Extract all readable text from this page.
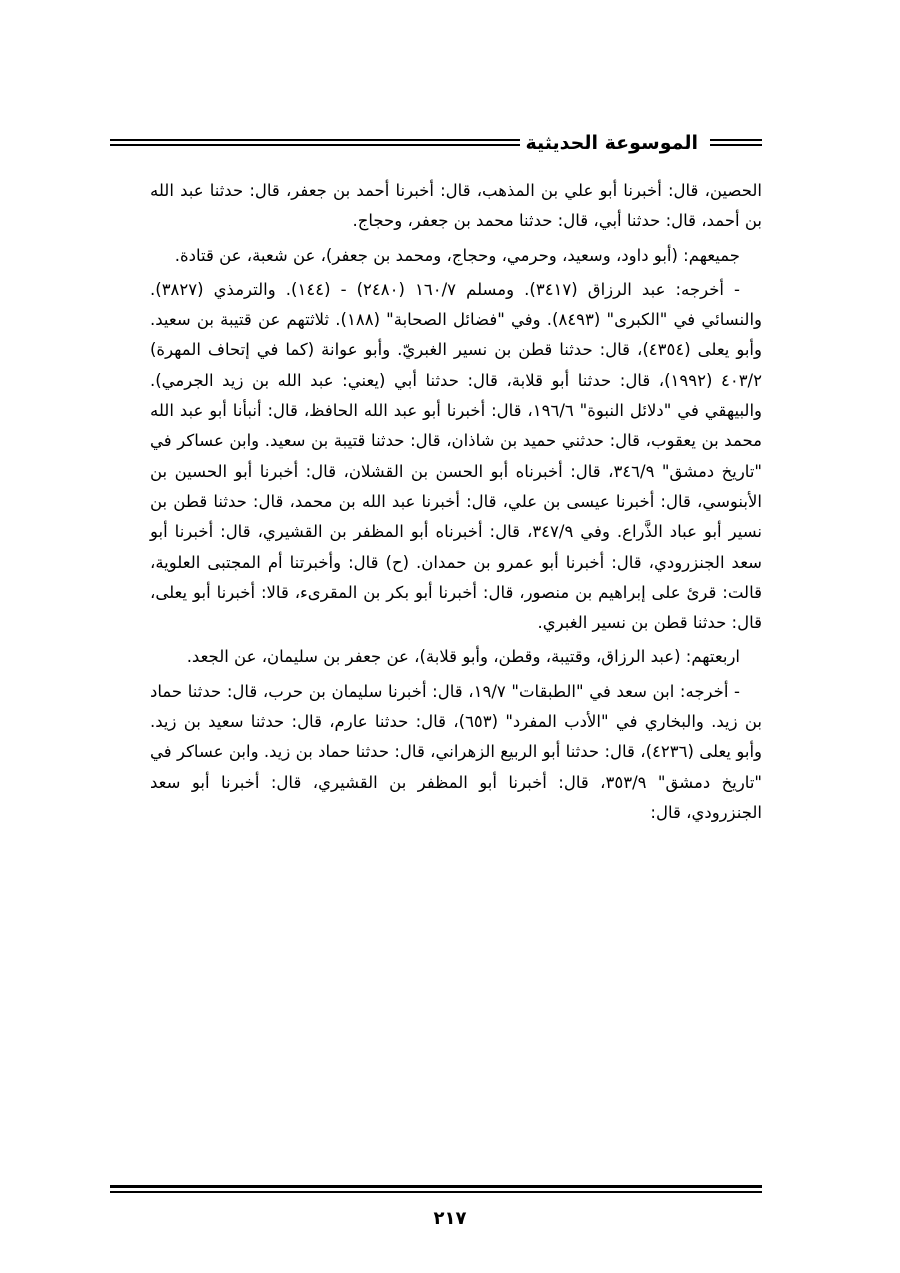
الموسوعة الحديثية

الحصين، قال: أخبرنا أبو علي بن المذهب، قال: أخبرنا أحمد بن جعفر، قال: حدثنا عبد الله بن أحمد، قال: حدثنا أبي، قال: حدثنا محمد بن جعفر، وحجاج.

جميعهم: (أبو داود، وسعيد، وحرمي، وحجاج، ومحمد بن جعفر)، عن شعبة، عن قتادة.

- أخرجه: عبد الرزاق (٣٤١٧). ومسلم ١٦٠/٧ (٢٤٨٠) - (١٤٤). والترمذي (٣٨٢٧). والنسائي في "الكبرى" (٨٤٩٣). وفي "فضائل الصحابة" (١٨٨). ثلاثتهم عن قتيبة بن سعيد. وأبو يعلى (٤٣٥٤)، قال: حدثنا قطن بن نسير الغبريّ. وأبو عوانة (كما في إتحاف المهرة) ٤٠٣/٢ (١٩٩٢)، قال: حدثنا أبو قلابة، قال: حدثنا أبي (يعني: عبد الله بن زيد الجرمي). والبيهقي في "دلائل النبوة" ١٩٦/٦، قال: أخبرنا أبو عبد الله الحافظ، قال: أنبأنا أبو عبد الله محمد بن يعقوب، قال: حدثني حميد بن شاذان، قال: حدثنا قتيبة بن سعيد. وابن عساكر في "تاريخ دمشق" ٣٤٦/٩، قال: أخبرناه أبو الحسن بن القشلان، قال: أخبرنا أبو الحسين بن الأبنوسي، قال: أخبرنا عيسى بن علي، قال: أخبرنا عبد الله بن محمد، قال: حدثنا قطن بن نسير أبو عباد الذَّراع. وفي ٣٤٧/٩، قال: أخبرناه أبو المظفر بن القشيري، قال: أخبرنا أبو سعد الجنزرودي، قال: أخبرنا أبو عمرو بن حمدان. (ح) قال: وأخبرتنا أم المجتبى العلوية، قالت: قرئ على إبراهيم بن منصور، قال: أخبرنا أبو بكر بن المقرىء، قالا: أخبرنا أبو يعلى، قال: حدثنا قطن بن نسير الغبري.

اربعتهم: (عبد الرزاق، وقتيبة، وقطن، وأبو قلابة)، عن جعفر بن سليمان، عن الجعد.

- أخرجه: ابن سعد في "الطبقات" ١٩/٧، قال: أخبرنا سليمان بن حرب، قال: حدثنا حماد بن زيد. والبخاري في "الأدب المفرد" (٦٥٣)، قال: حدثنا عارم، قال: حدثنا سعيد بن زيد. وأبو يعلى (٤٢٣٦)، قال: حدثنا أبو الربيع الزهراني، قال: حدثنا حماد بن زيد. وابن عساكر في "تاريخ دمشق" ٣٥٣/٩، قال: أخبرنا أبو المظفر بن القشيري، قال: أخبرنا أبو سعد الجنزرودي، قال:

٢١٧
